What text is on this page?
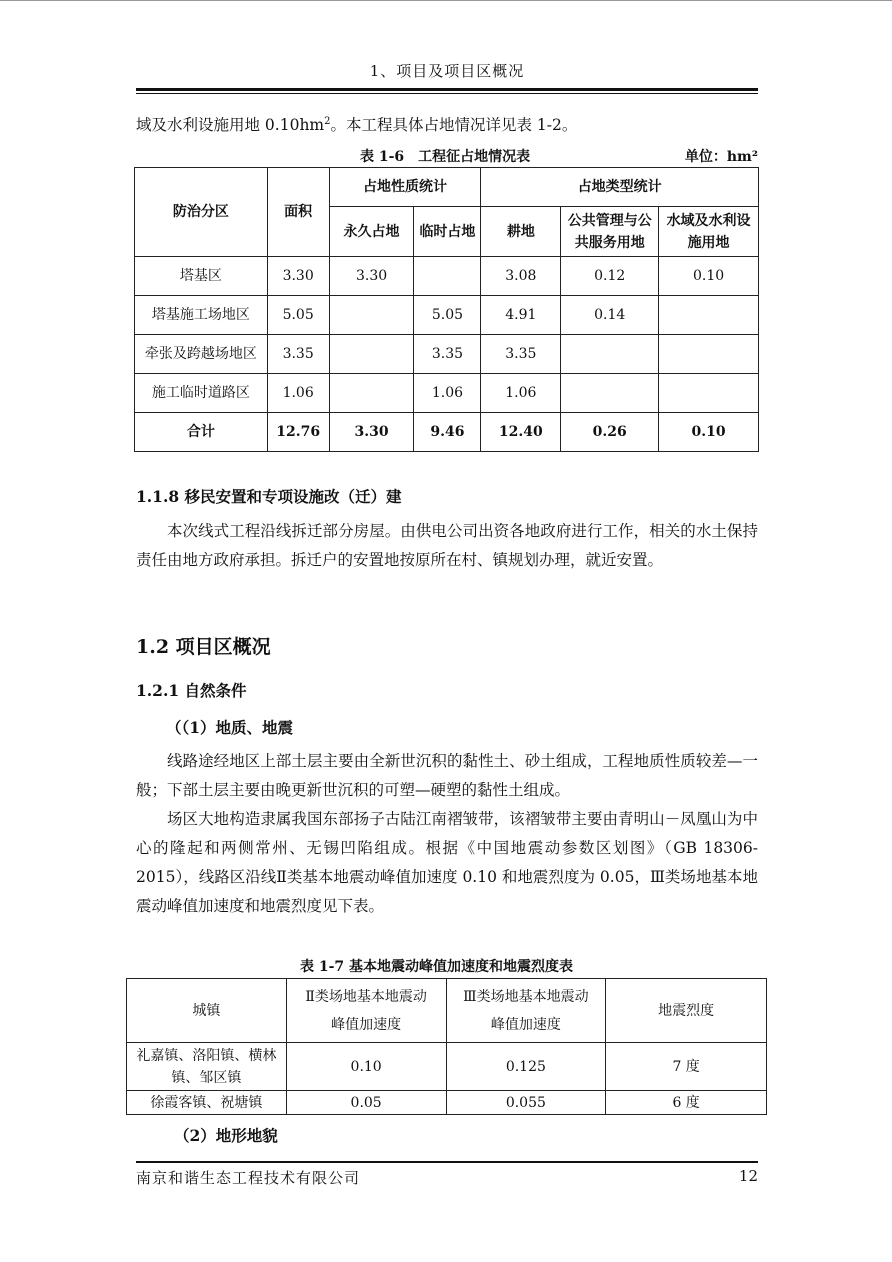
1、项目及项目区概况

域及水利设施用地 $0.10hm^2$。本工程具体占地情况详见表 1-2。

表 1-6　工程征占地情况表	单位：hm²
防治分区	面积	占地性质统计		占地类型统计		
		永久占地	临时占地	耕地	公共管理与公共服务用地	水域及水利设施用地
塔基区	3.30	3.30		3.08	0.12	0.10
塔基施工场地区	5.05		5.05	4.91	0.14	
牵张及跨越场地区	3.35		3.35	3.35		
施工临时道路区	1.06		1.06	1.06		
合计	12.76	3.30	9.46	12.40	0.26	0.10
1.1.8 移民安置和专项设施改（迁）建

本次线式工程沿线拆迁部分房屋。由供电公司出资各地政府进行工作，相关的水土保持责任由地方政府承担。拆迁户的安置地按原所在村、镇规划办理，就近安置。

1.2 项目区概况
1.2.1 自然条件
（（1）地质、地震

线路途经地区上部土层主要由全新世沉积的黏性土、砂土组成，工程地质性质较差—一般；下部土层主要由晚更新世沉积的可塑—硬塑的黏性土组成。

场区大地构造隶属我国东部扬子古陆江南褶皱带，该褶皱带主要由青明山－凤凰山为中心的隆起和两侧常州、无锡凹陷组成。根据《中国地震动参数区划图》（GB 18306-2015），线路区沿线Ⅱ类基本地震动峰值加速度 0.10 和地震烈度为 0.05，Ⅲ类场地基本地震动峰值加速度和地震烈度见下表。

表 1-7 基本地震动峰值加速度和地震烈度表
城镇	Ⅱ类场地基本地震动峰值加速度	Ⅲ类场地基本地震动峰值加速度	地震烈度
礼嘉镇、洛阳镇、横林镇、邹区镇	0.10	0.125	7 度
徐霞客镇、祝塘镇	0.05	0.055	6 度
（2）地形地貌
南京和谐生态工程技术有限公司	12
